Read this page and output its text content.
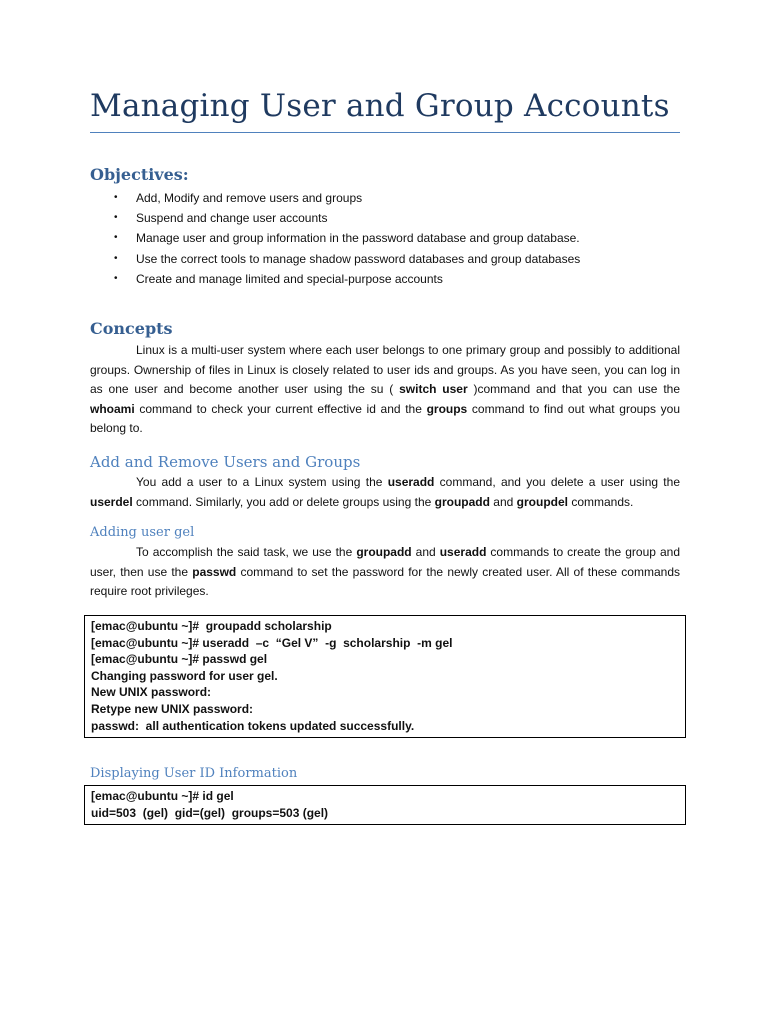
Managing User and Group Accounts
Objectives:
• Add, Modify and remove users and groups
• Suspend and change user accounts
• Manage user and group information in the password database and group database.
• Use the correct tools to manage shadow password databases and group databases
• Create and manage limited and special-purpose accounts
Concepts

Linux is a multi-user system where each user belongs to one primary group and possibly to additional groups. Ownership of files in Linux is closely related to user ids and groups. As you have seen, you can log in as one user and become another user using the su ( switch user )command and that you can use the whoami command to check your current effective id and the groups command to find out what groups you belong to.

Add and Remove Users and Groups

You add a user to a Linux system using the useradd command, and you delete a user using the userdel command. Similarly, you add or delete groups using the groupadd and groupdel commands.

Adding user gel

To accomplish the said task, we use the groupadd and useradd commands to create the group and user, then use the passwd command to set the password for the newly created user. All of these commands require root privileges.

[emac@ubuntu ~]#  groupadd scholarship
[emac@ubuntu ~]# useradd  –c  “Gel V”  -g  scholarship  -m gel
[emac@ubuntu ~]# passwd gel
Changing password for user gel.
New UNIX password:
Retype new UNIX password:
passwd:  all authentication tokens updated successfully.
Displaying User ID Information
[emac@ubuntu ~]# id gel
uid=503  (gel)  gid=(gel)  groups=503 (gel)
